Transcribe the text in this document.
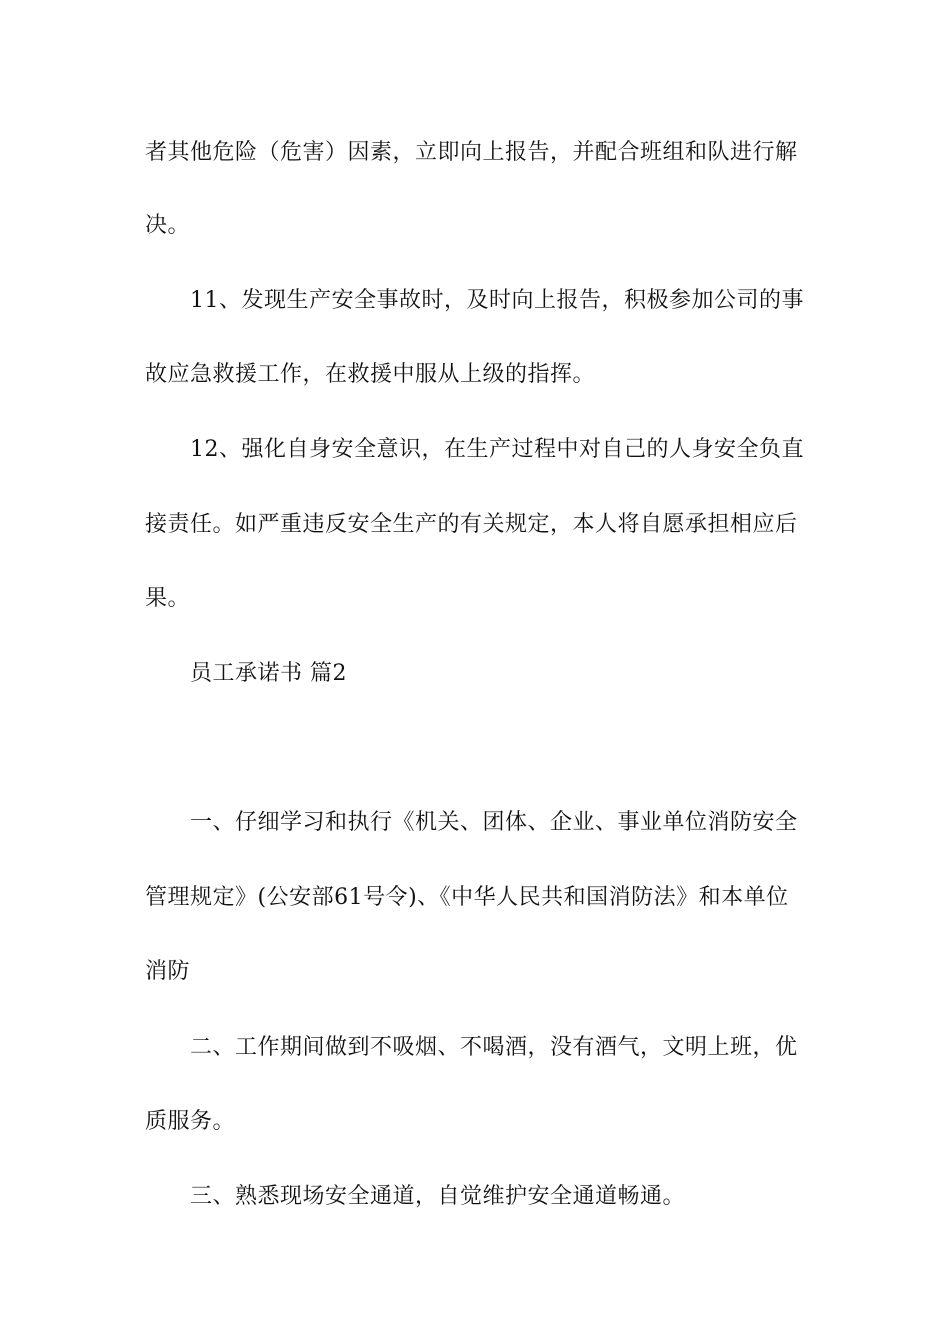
者其他危险（危害）因素，立即向上报告，并配合班组和队进行解
决。
11、发现生产安全事故时，及时向上报告，积极参加公司的事
故应急救援工作，在救援中服从上级的指挥。
12、强化自身安全意识，在生产过程中对自己的人身安全负直
接责任。如严重违反安全生产的有关规定，本人将自愿承担相应后
果。
员工承诺书 篇2
一、仔细学习和执行《机关、团体、企业、事业单位消防安全
管理规定》(公安部61号令)、《中华人民共和国消防法》和本单位
消防
二、工作期间做到不吸烟、不喝酒，没有酒气，文明上班，优
质服务。
三、熟悉现场安全通道，自觉维护安全通道畅通。
